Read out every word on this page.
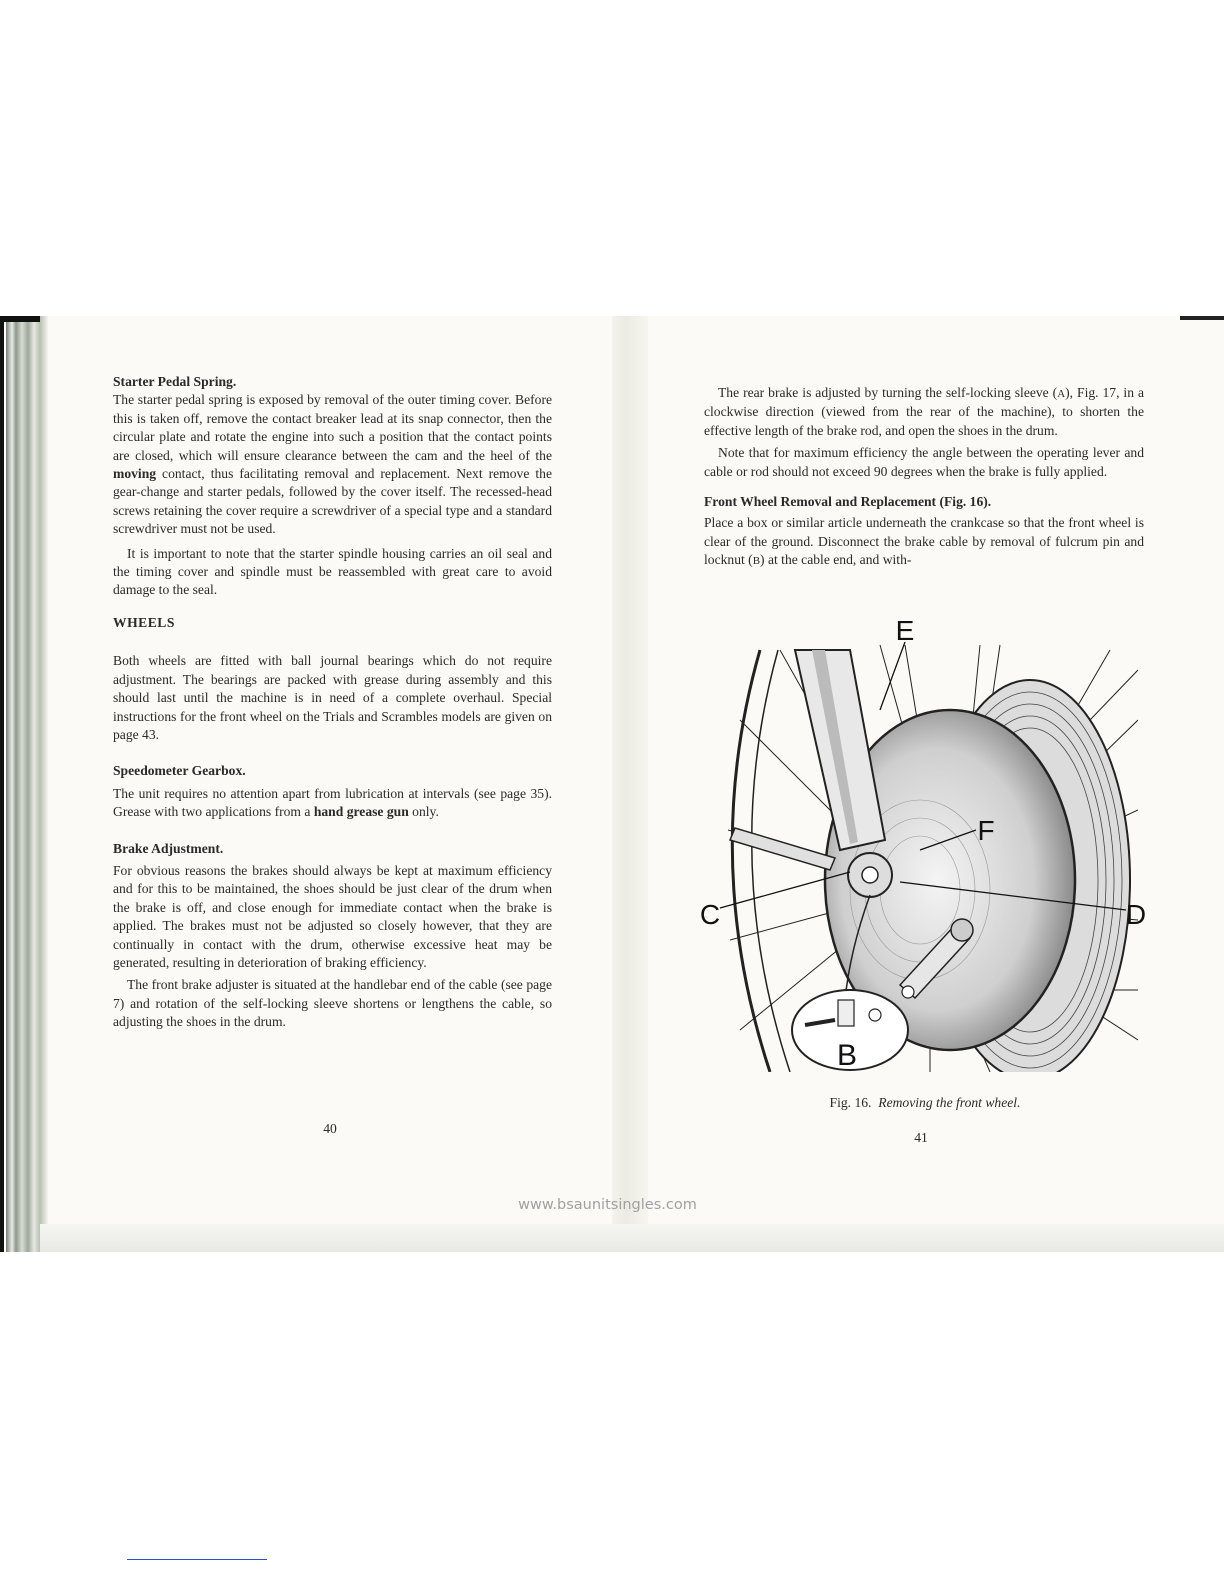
Starter Pedal Spring.

The starter pedal spring is exposed by removal of the outer timing cover. Before this is taken off, remove the contact breaker lead at its snap connector, then the circular plate and rotate the engine into such a position that the contact points are closed, which will ensure clearance between the cam and the heel of the moving contact, thus facilitating removal and replacement. Next remove the gear-change and starter pedals, followed by the cover itself. The recessed-head screws retaining the cover require a screwdriver of a special type and a standard screwdriver must not be used.

It is important to note that the starter spindle housing carries an oil seal and the timing cover and spindle must be reassembled with great care to avoid damage to the seal.

WHEELS

Both wheels are fitted with ball journal bearings which do not require adjustment. The bearings are packed with grease during assembly and this should last until the machine is in need of a complete overhaul. Special instructions for the front wheel on the Trials and Scrambles models are given on page 43.

Speedometer Gearbox.

The unit requires no attention apart from lubrication at intervals (see page 35). Grease with two applications from a hand grease gun only.

Brake Adjustment.

For obvious reasons the brakes should always be kept at maximum efficiency and for this to be maintained, the shoes should be just clear of the drum when the brake is off, and close enough for immediate contact when the brake is applied. The brakes must not be adjusted so closely however, that they are continually in contact with the drum, otherwise excessive heat may be generated, resulting in deterioration of braking efficiency.

The front brake adjuster is situated at the handlebar end of the cable (see page 7) and rotation of the self-locking sleeve shortens or lengthens the cable, so adjusting the shoes in the drum.

40

The rear brake is adjusted by turning the self-locking sleeve (A), Fig. 17, in a clockwise direction (viewed from the rear of the machine), to shorten the effective length of the brake rod, and open the shoes in the drum.

Note that for maximum efficiency the angle between the operating lever and cable or rod should not exceed 90 degrees when the brake is fully applied.

Front Wheel Removal and Replacement (Fig. 16).

Place a box or similar article underneath the crankcase so that the front wheel is clear of the ground. Disconnect the brake cable by removal of fulcrum pin and locknut (B) at the cable end, and with-

E
F
C	D
B
Fig. 16. Removing the front wheel.
41
www.bsaunitsingles.com
